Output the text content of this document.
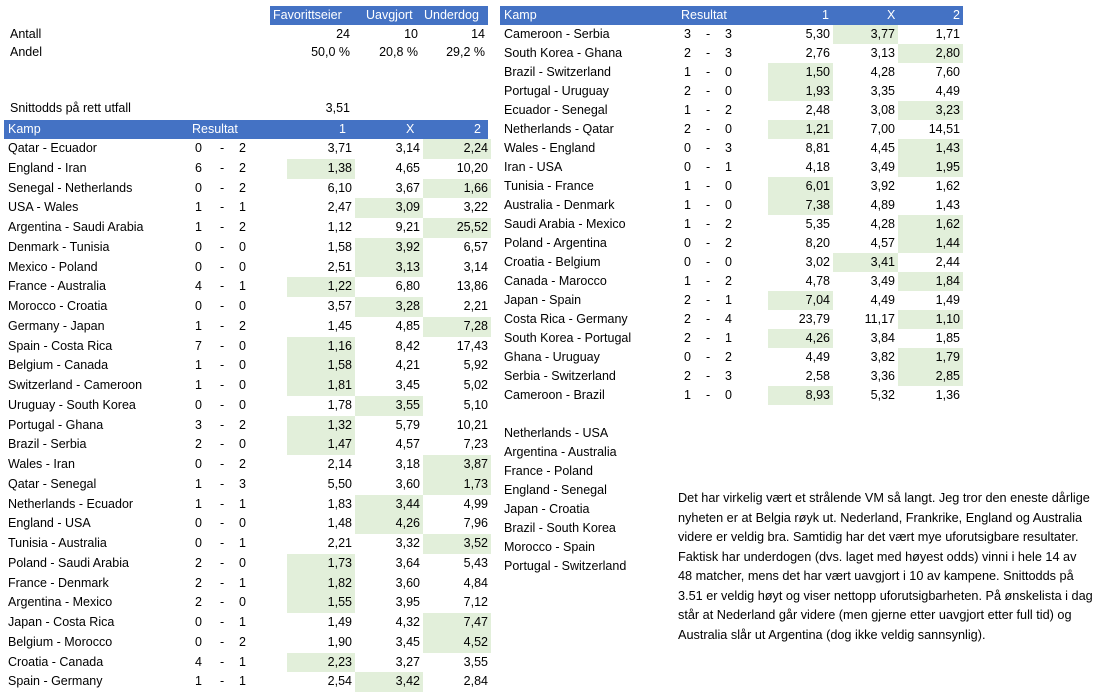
Favorittseier Uavgjort Underdog
Antall	24	10	14
Andel	50,0 % 20,8 % 29,2 %
Snittodds på rett utfall	3,51
Kamp	Resultat	1	X	2
Qatar - Ecuador	0 - 2	3,71	3,14	2,24
England - Iran	6 - 2	1,38	4,65	10,20
Senegal - Netherlands	0 - 2	6,10	3,67	1,66
USA - Wales	1 - 1	2,47	3,09	3,22
Argentina - Saudi Arabia	1 - 2	1,12	9,21	25,52
Denmark - Tunisia	0 - 0	1,58	3,92	6,57
Mexico - Poland	0 - 0	2,51	3,13	3,14
France - Australia	4 - 1	1,22	6,80	13,86
Morocco - Croatia	0 - 0	3,57	3,28	2,21
Germany - Japan	1 - 2	1,45	4,85	7,28
Spain - Costa Rica	7 - 0	1,16	8,42	17,43
Belgium - Canada	1 - 0	1,58	4,21	5,92
Switzerland - Cameroon	1 - 0	1,81	3,45	5,02
Uruguay - South Korea	0 - 0	1,78	3,55	5,10
Portugal - Ghana	3 - 2	1,32	5,79	10,21
Brazil - Serbia	2 - 0	1,47	4,57	7,23
Wales - Iran	0 - 2	2,14	3,18	3,87
Qatar - Senegal	1 - 3	5,50	3,60	1,73
Netherlands - Ecuador	1 - 1	1,83	3,44	4,99
England - USA	0 - 0	1,48	4,26	7,96
Tunisia - Australia	0 - 1	2,21	3,32	3,52
Poland - Saudi Arabia	2 - 0	1,73	3,64	5,43
France - Denmark	2 - 1	1,82	3,60	4,84
Argentina - Mexico	2 - 0	1,55	3,95	7,12
Japan - Costa Rica	0 - 1	1,49	4,32	7,47
Belgium - Morocco	0 - 2	1,90	3,45	4,52
Croatia - Canada	4 - 1	2,23	3,27	3,55
Spain - Germany	1 - 1	2,54	3,42	2,84
Kamp	Resultat	1	X	2
Cameroon - Serbia	3 - 3	5,30	3,77	1,71
South Korea - Ghana	2 - 3	2,76	3,13	2,80
Brazil - Switzerland	1 - 0	1,50	4,28	7,60
Portugal - Uruguay	2 - 0	1,93	3,35	4,49
Ecuador - Senegal	1 - 2	2,48	3,08	3,23
Netherlands - Qatar	2 - 0	1,21	7,00	14,51
Wales - England	0 - 3	8,81	4,45	1,43
Iran - USA	0 - 1	4,18	3,49	1,95
Tunisia - France	1 - 0	6,01	3,92	1,62
Australia - Denmark	1 - 0	7,38	4,89	1,43
Saudi Arabia - Mexico	1 - 2	5,35	4,28	1,62
Poland - Argentina	0 - 2	8,20	4,57	1,44
Croatia - Belgium	0 - 0	3,02	3,41	2,44
Canada - Marocco	1 - 2	4,78	3,49	1,84
Japan - Spain	2 - 1	7,04	4,49	1,49
Costa Rica - Germany	2 - 4	23,79	11,17	1,10
South Korea - Portugal	2 - 1	4,26	3,84	1,85
Ghana - Uruguay	0 - 2	4,49	3,82	1,79
Serbia - Switzerland	2 - 3	2,58	3,36	2,85
Cameroon - Brazil	1 - 0	8,93	5,32	1,36
Netherlands - USA
Argentina - Australia
France - Poland
England - Senegal
Japan - Croatia
Brazil - South Korea
Morocco - Spain
Portugal - Switzerland
Det har virkelig vært et strålende VM så langt. Jeg tror den eneste dårlige nyheten er at Belgia røyk ut. Nederland, Frankrike, England og Australia videre er veldig bra. Samtidig har det vært mye uforutsigbare resultater. Faktisk har underdogen (dvs. laget med høyest odds) vinni i hele 14 av 48 matcher, mens det har vært uavgjort i 10 av kampene. Snittodds på 3.51 er veldig høyt og viser nettopp uforutsigbarheten. På ønskelista i dag står at Nederland går videre (men gjerne etter uavgjort etter full tid) og Australia slår ut Argentina (dog ikke veldig sannsynlig).
